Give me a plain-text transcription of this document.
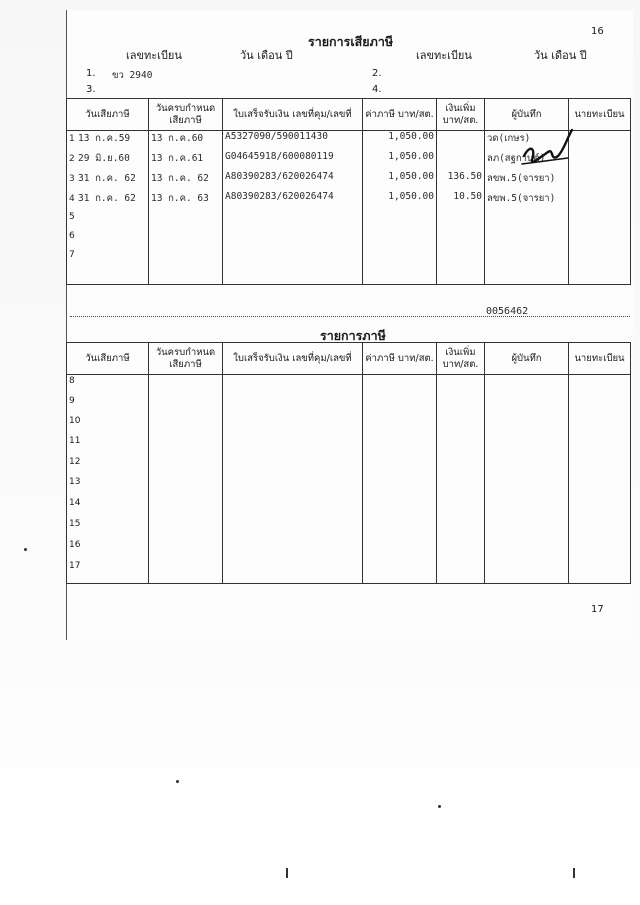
16
รายการเสียภาษี
เลขทะเบียน	วัน เดือน ปี	เลขทะเบียน	วัน เดือน ปี
1. ขว 2940	2.
3.	4.
วันเสียภาษี	วันครบกำหนด เสียภาษี	ใบเสร็จรับเงิน เลขที่คุม/เลขที่	ค่าภาษี บาท/สต.	เงินเพิ่ม บาท/สต.	ผู้บันทึก	นายทะเบียน
1 13 ก.ค.59	13 ก.ค.60	A5327090/590011430	1,050.00		วด(เกษร)	
2 29 มิ.ย.60	13 ก.ค.61	G04645918/600080119	1,050.00		ลภ(สฐกานต์)	
3 31 ก.ค. 62	13 ก.ค. 62	A80390283/620026474	1,050.00	136.50	ลขพ.5(จารยา)	
4 31 ก.ค. 62	13 ก.ค. 63	A80390283/620026474	1,050.00	10.50	ลขพ.5(จารยา)	
5						
6						
7						
0056462
รายการภาษี
วันเสียภาษี	วันครบกำหนด เสียภาษี	ใบเสร็จรับเงิน เลขที่คุม/เลขที่	ค่าภาษี บาท/สต.	เงินเพิ่ม บาท/สต.	ผู้บันทึก	นายทะเบียน
8						
9						
10						
11						
12						
13						
14						
15						
16						
17						
17
